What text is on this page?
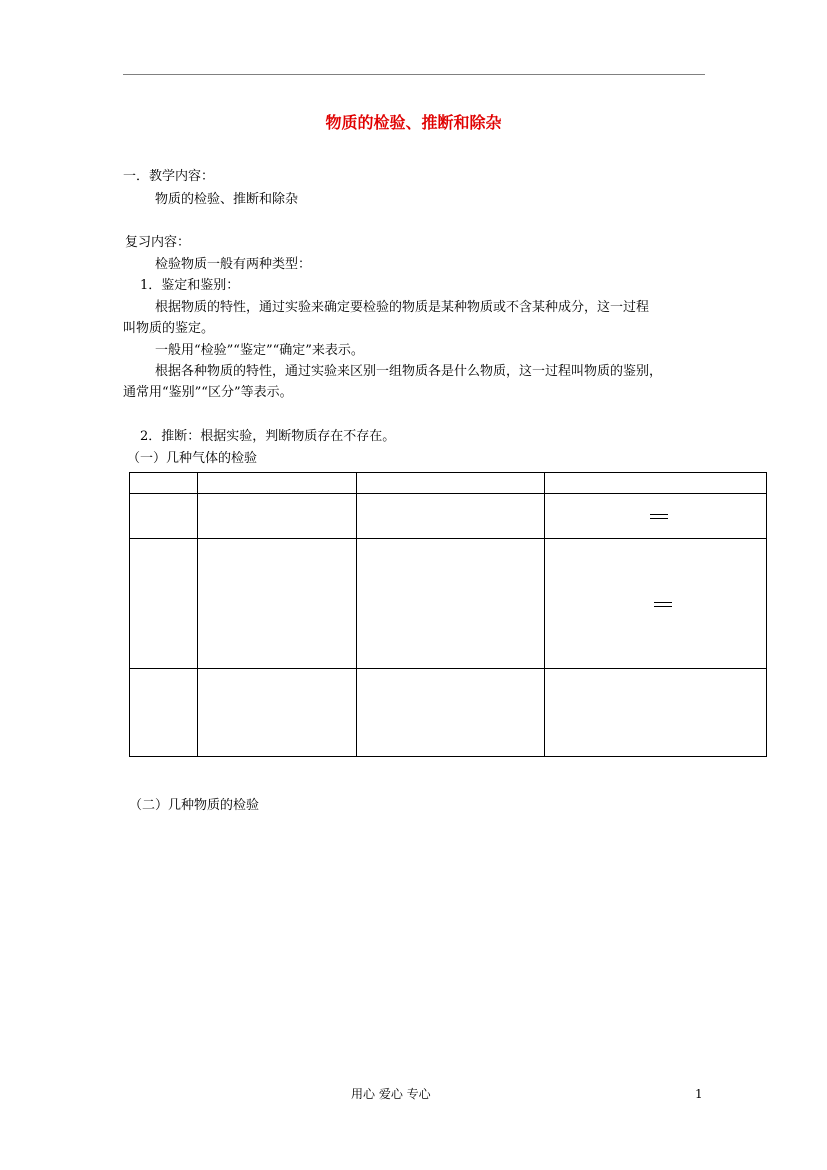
物质的检验、推断和除杂
一．教学内容：
物质的检验、推断和除杂
复习内容：
检验物质一般有两种类型：
1．鉴定和鉴别：
根据物质的特性，通过实验来确定要检验的物质是某种物质或不含某种成分，这一过程
叫物质的鉴定。
一般用“检验”“鉴定”“确定”来表示。
根据各种物质的特性，通过实验来区别一组物质各是什么物质，这一过程叫物质的鉴别，
通常用“鉴别”“区分”等表示。
2．推断：根据实验，判断物质存在不存在。
（一）几种气体的检验
（二）几种物质的检验
用心 爱心 专心	1
